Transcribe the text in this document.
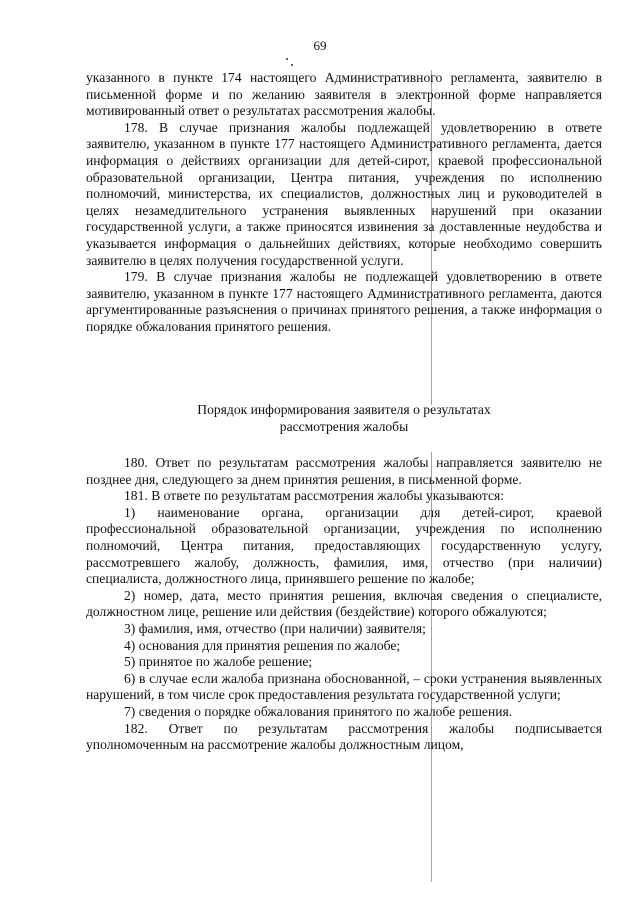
69

указанного в пункте 174 настоящего Административного регламента, заявителю в письменной форме и по желанию заявителя в электронной форме направляется мотивированный ответ о результатах рассмотрения жалобы.

178. В случае признания жалобы подлежащей удовлетворению в ответе заявителю, указанном в пункте 177 настоящего Административного регламента, дается информация о действиях организации для детей-сирот, краевой профессиональной образовательной организации, Центра питания, учреждения по исполнению полномочий, министерства, их специалистов, должностных лиц и руководителей в целях незамедлительного устранения выявленных нарушений при оказании государственной услуги, а также приносятся извинения за доставленные неудобства и указывается информация о дальнейших действиях, которые необходимо совершить заявителю в целях получения государственной услуги.

179. В случае признания жалобы не подлежащей удовлетворению в ответе заявителю, указанном в пункте 177 настоящего Административного регламента, даются аргументированные разъяснения о причинах принятого решения, а также информация о порядке обжалования принятого решения.

Порядок информирования заявителя о результатах

рассмотрения жалобы

180. Ответ по результатам рассмотрения жалобы направляется заявителю не позднее дня, следующего за днем принятия решения, в письменной форме.

181. В ответе по результатам рассмотрения жалобы указываются:

1) наименование органа, организации для детей-сирот, краевой профессиональной образовательной организации, учреждения по исполнению полномочий, Центра питания, предоставляющих государственную услугу, рассмотревшего жалобу, должность, фамилия, имя, отчество (при наличии) специалиста, должностного лица, принявшего решение по жалобе;

2) номер, дата, место принятия решения, включая сведения о специалисте, должностном лице, решение или действия (бездействие) которого обжалуются;

3) фамилия, имя, отчество (при наличии) заявителя;

4) основания для принятия решения по жалобе;

5) принятое по жалобе решение;

6) в случае если жалоба признана обоснованной, – сроки устранения выявленных нарушений, в том числе срок предоставления результата государственной услуги;

7) сведения о порядке обжалования принятого по жалобе решения.

182. Ответ по результатам рассмотрения жалобы подписывается уполномоченным на рассмотрение жалобы должностным лицом,
